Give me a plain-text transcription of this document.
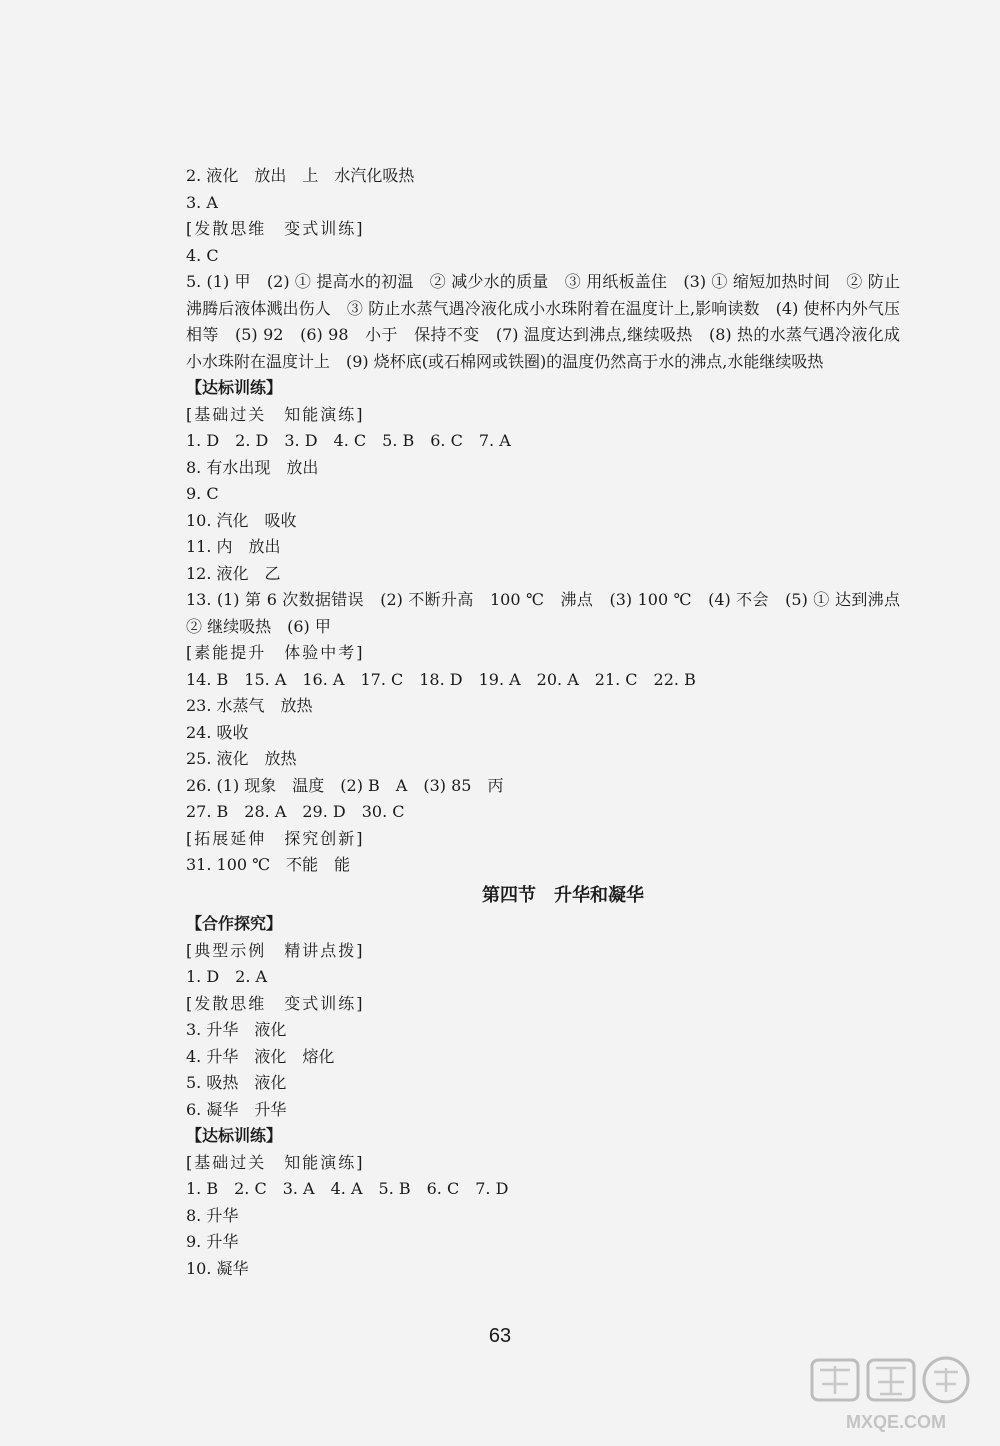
2. 液化　放出　上　水汽化吸热
3. A
[发散思维　变式训练]
4. C
5. (1) 甲　(2) ① 提高水的初温　② 减少水的质量　③ 用纸板盖住　(3) ① 缩短加热时间　② 防止沸腾后液体溅出伤人　③ 防止水蒸气遇冷液化成小水珠附着在温度计上,影响读数　(4) 使杯内外气压相等　(5) 92　(6) 98　小于　保持不变　(7) 温度达到沸点,继续吸热　(8) 热的水蒸气遇冷液化成小水珠附在温度计上　(9) 烧杯底(或石棉网或铁圈)的温度仍然高于水的沸点,水能继续吸热
【达标训练】
[基础过关　知能演练]
1. D　2. D　3. D　4. C　5. B　6. C　7. A
8. 有水出现　放出
9. C
10. 汽化　吸收
11. 内　放出
12. 液化　乙
13. (1) 第 6 次数据错误　(2) 不断升高　100 ℃　沸点　(3) 100 ℃　(4) 不会　(5) ① 达到沸点　② 继续吸热　(6) 甲
[素能提升　体验中考]
14. B　15. A　16. A　17. C　18. D　19. A　20. A　21. C　22. B
23. 水蒸气　放热
24. 吸收
25. 液化　放热
26. (1) 现象　温度　(2) B　A　(3) 85　丙
27. B　28. A　29. D　30. C
[拓展延伸　探究创新]
31. 100 ℃　不能　能
第四节　升华和凝华
【合作探究】
[典型示例　精讲点拨]
1. D　2. A
[发散思维　变式训练]
3. 升华　液化
4. 升华　液化　熔化
5. 吸热　液化
6. 凝华　升华
【达标训练】
[基础过关　知能演练]
1. B　2. C　3. A　4. A　5. B　6. C　7. D
8. 升华
9. 升华
10. 凝华
63
MXQE.COM
